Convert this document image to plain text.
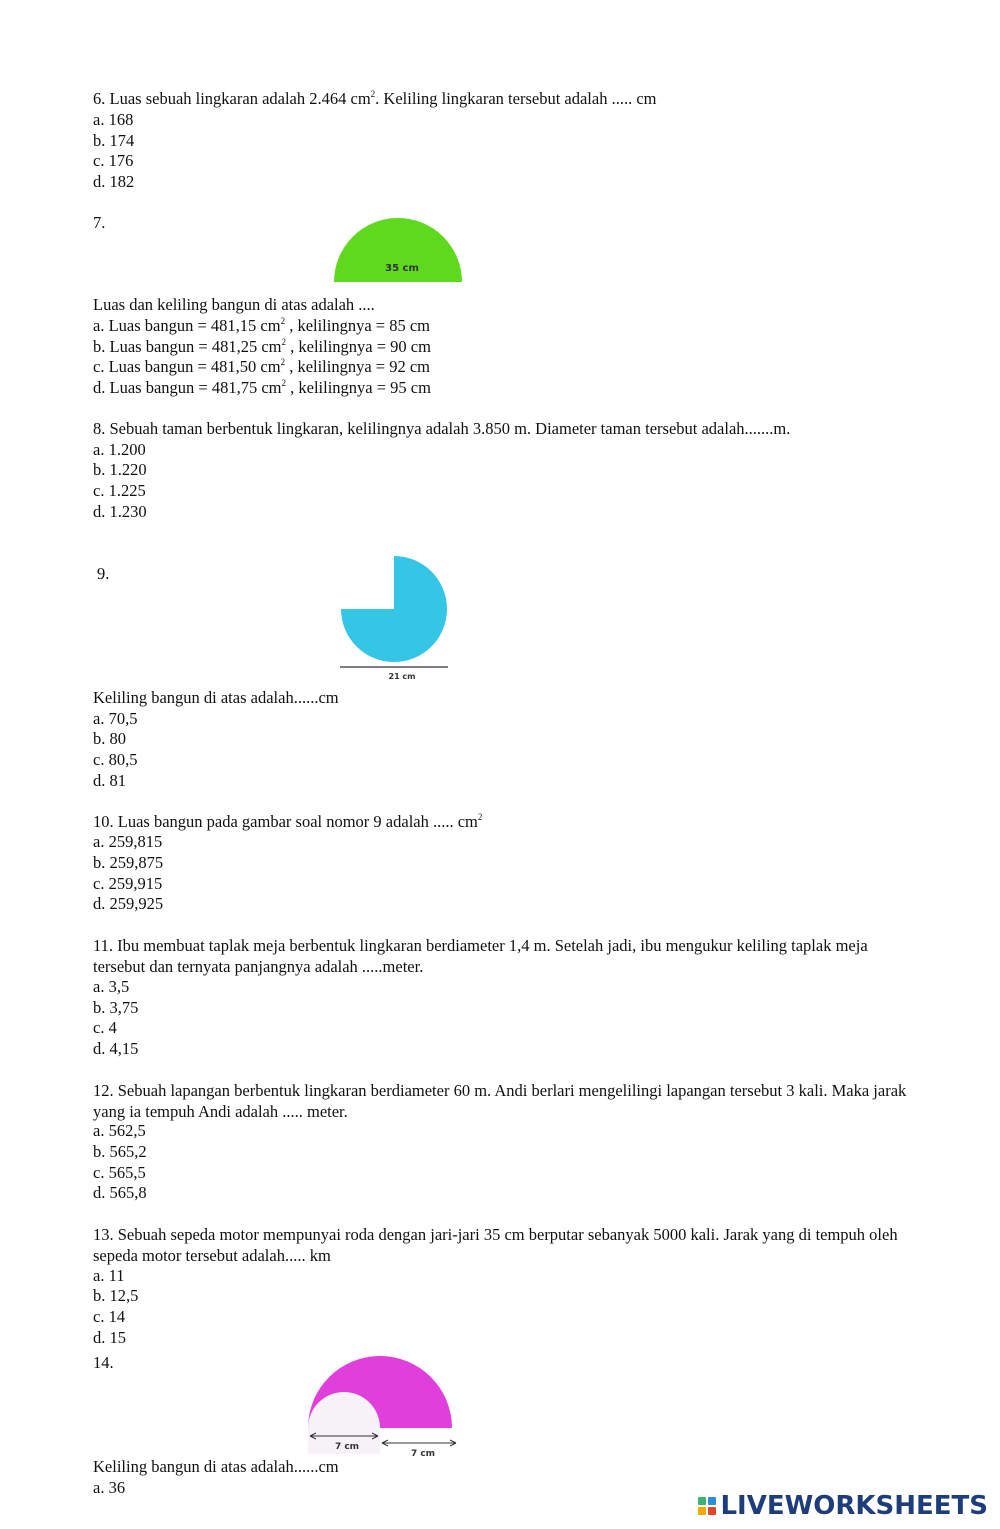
6. Luas sebuah lingkaran adalah 2.464 $cm^2$. Keliling lingkaran tersebut adalah ..... cm
a. 168
b. 174
c. 176
d. 182
7.
35 cm
Luas dan keliling bangun di atas adalah ....
a. Luas bangun = 481,15 $cm^2$ , kelilingnya = 85 cm
b. Luas bangun = 481,25 $cm^2$ , kelilingnya = 90 cm
c. Luas bangun = 481,50 $cm^2$ , kelilingnya = 92 cm
d. Luas bangun = 481,75 $cm^2$ , kelilingnya = 95 cm
8. Sebuah taman berbentuk lingkaran, kelilingnya adalah 3.850 m. Diameter taman tersebut adalah.......m.
a. 1.200
b. 1.220
c. 1.225
d. 1.230
9.
21 cm
Keliling bangun di atas adalah......cm
a. 70,5
b. 80
c. 80,5
d. 81
10. Luas bangun pada gambar soal nomor 9 adalah ..... $cm^2$
a. 259,815
b. 259,875
c. 259,915
d. 259,925
11. Ibu membuat taplak meja berbentuk lingkaran berdiameter 1,4 m. Setelah jadi, ibu mengukur keliling taplak meja tersebut dan ternyata panjangnya adalah .....meter.
a. 3,5
b. 3,75
c. 4
d. 4,15
12. Sebuah lapangan berbentuk lingkaran berdiameter 60 m. Andi berlari mengelilingi lapangan tersebut 3 kali. Maka jarak yang ia tempuh Andi adalah ..... meter.
a. 562,5
b. 565,2
c. 565,5
d. 565,8
13. Sebuah sepeda motor mempunyai roda dengan jari-jari 35 cm berputar sebanyak 5000 kali. Jarak yang di tempuh oleh sepeda motor tersebut adalah..... km
a. 11
b. 12,5
c. 14
d. 15
14.
7 cm
7 cm
Keliling bangun di atas adalah......cm
a. 36
LIVEWORKSHEETS
